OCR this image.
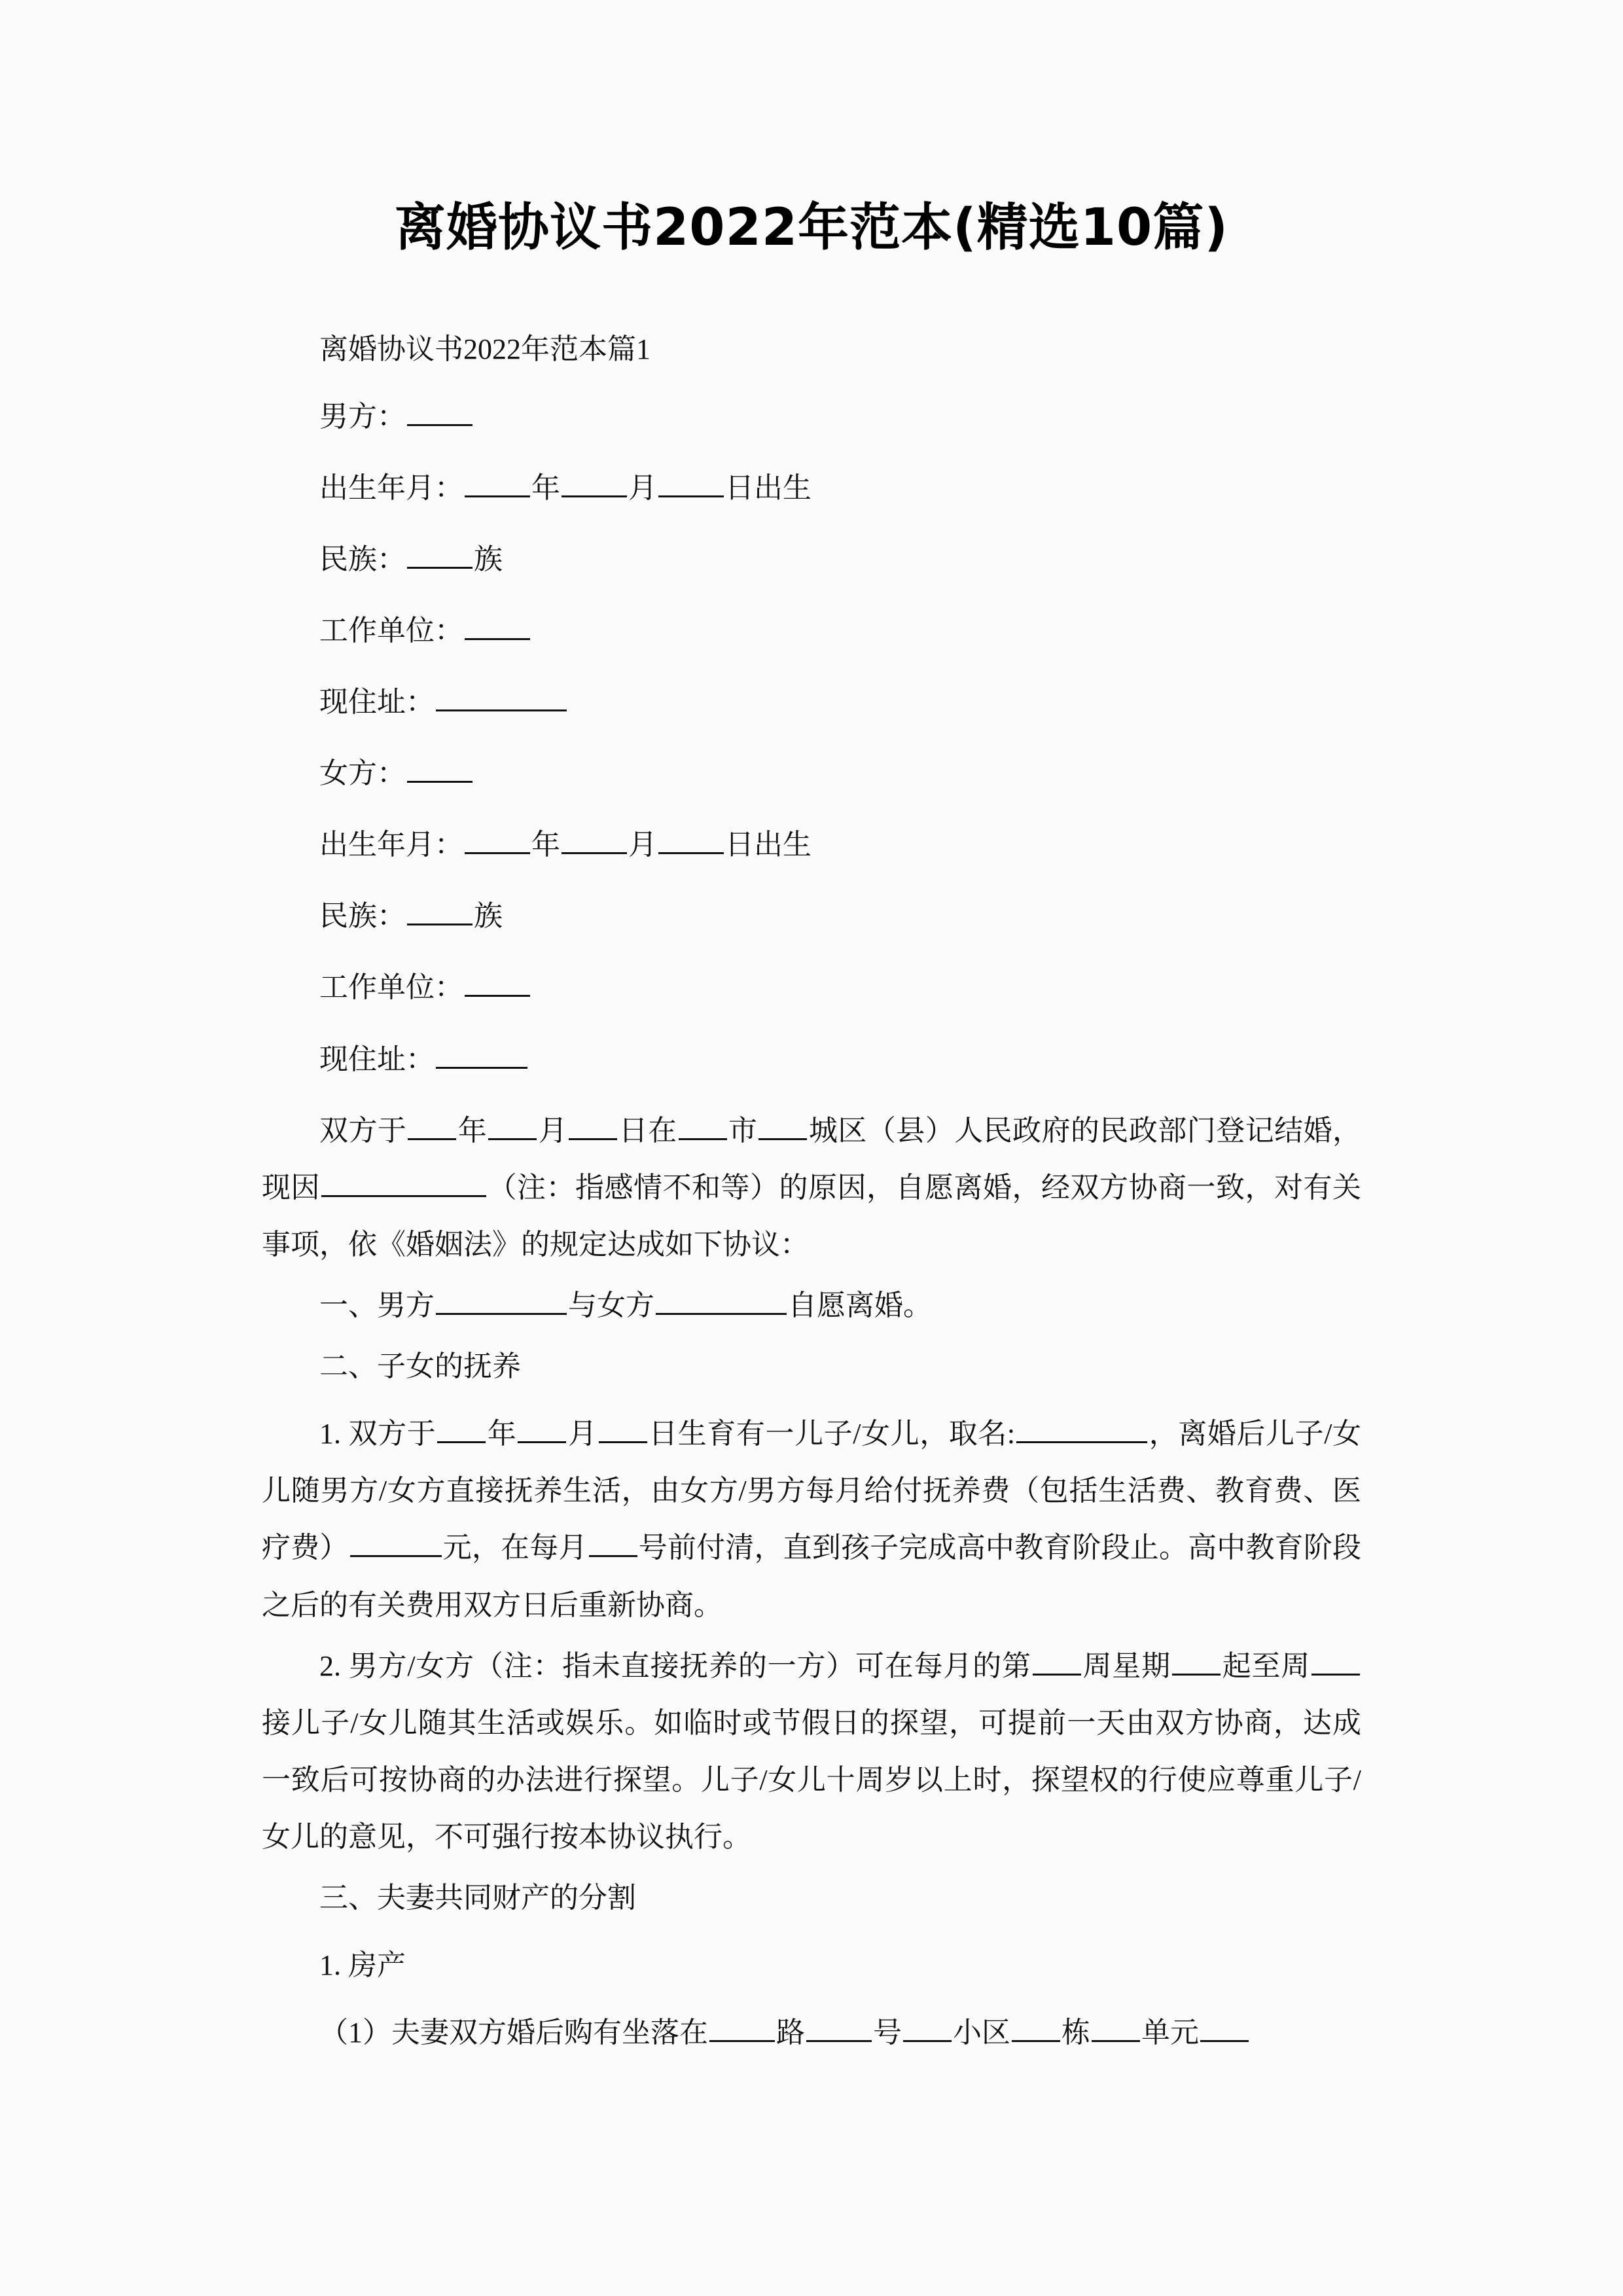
离婚协议书2022年范本(精选10篇)

离婚协议书2022年范本篇1

男方：

出生年月： 年 月 日出生

民族： 族

工作单位：

现住址：

女方：

出生年月： 年 月 日出生

民族： 族

工作单位：

现住址：

双方于 年 月 日在 市 城区（县）人民政府的民政部门登记结婚，现因	（注：指感情不和等）的原因，自愿离婚，经双方协商一致，对有关事项，依《婚姻法》的规定达成如下协议：

一、男方	与女方	自愿离婚。

二、子女的抚养

1. 双方于 年 月 日生育有一儿子/女儿，取名:	，离婚后儿子/女儿随男方/女方直接抚养生活，由女方/男方每月给付抚养费（包括生活费、教育费、医疗费）	元，在每月 号前付清，直到孩子完成高中教育阶段止。高中教育阶段之后的有关费用双方日后重新协商。

2. 男方/女方（注：指未直接抚养的一方）可在每月的第 周星期 起至周接儿子/女儿随其生活或娱乐。如临时或节假日的探望，可提前一天由双方协商，达成一致后可按协商的办法进行探望。儿子/女儿十周岁以上时，探望权的行使应尊重儿子/女儿的意见，不可强行按本协议执行。

三、夫妻共同财产的分割

1. 房产

（1）夫妻双方婚后购有坐落在 路 号 小区 栋 单元
